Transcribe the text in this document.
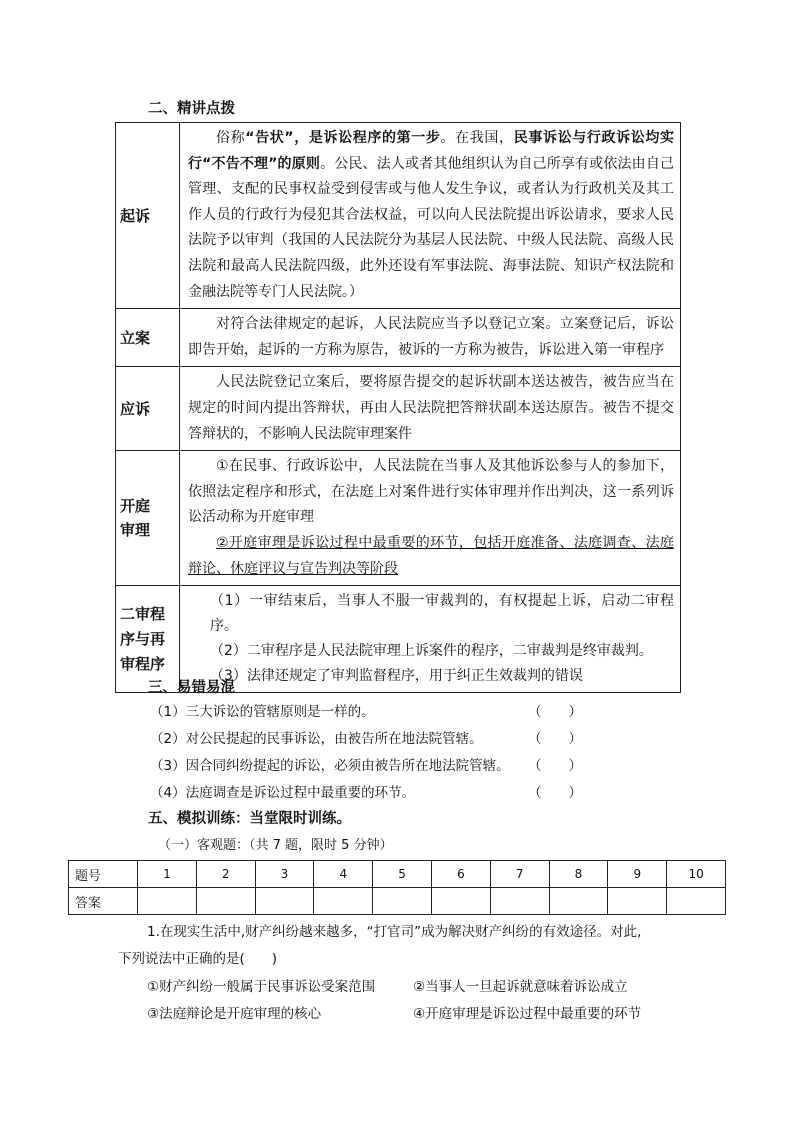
二、精讲点拨
起诉	俗称“告状”，是诉讼程序的第一步。在我国，民事诉讼与行政诉讼均实行“不告不理”的原则。公民、法人或者其他组织认为自己所享有或依法由自己管理、支配的民事权益受到侵害或与他人发生争议，或者认为行政机关及其工作人员的行政行为侵犯其合法权益，可以向人民法院提出诉讼请求，要求人民法院予以审判（我国的人民法院分为基层人民法院、中级人民法院、高级人民法院和最高人民法院四级，此外还设有军事法院、海事法院、知识产权法院和金融法院等专门人民法院。）

立案	对符合法律规定的起诉，人民法院应当予以登记立案。立案登记后，诉讼即告开始，起诉的一方称为原告，被诉的一方称为被告，诉讼进入第一审程序

应诉	人民法院登记立案后，要将原告提交的起诉状副本送达被告，被告应当在规定的时间内提出答辩状，再由人民法院把答辩状副本送达原告。被告不提交答辩状的，不影响人民法院审理案件

开庭
审理	①在民事、行政诉讼中，人民法院在当事人及其他诉讼参与人的参加下，依照法定程序和形式，在法庭上对案件进行实体审理并作出判决，这一系列诉讼活动称为开庭审理
②开庭审理是诉讼过程中最重要的环节，包括开庭准备、法庭调查、法庭辩论、休庭评议与宣告判决等阶段

二审程
序与再
审程序	（1）一审结束后，当事人不服一审裁判的，有权提起上诉，启动二审程序。
（2）二审程序是人民法院审理上诉案件的程序，二审裁判是终审裁判。
（3）法律还规定了审判监督程序，用于纠正生效裁判的错误
三、易错易混
（1）三大诉讼的管辖原则是一样的。	（　　）
（2）对公民提起的民事诉讼，由被告所在地法院管辖。	（　　）
（3）因合同纠纷提起的诉讼，必须由被告所在地法院管辖。 （　　）
（4）法庭调查是诉讼过程中最重要的环节。	（　　）
五、模拟训练：当堂限时训练。
（一）客观题：（共 7 题，限时 5 分钟）
题号	1	2	3	4	5	6	7	8	9	10
答案										
1.在现实生活中,财产纠纷越来越多，“打官司”成为解决财产纠纷的有效途径。对此,
下列说法中正确的是(　　)
①财产纠纷一般属于民事诉讼受案范围	②当事人一旦起诉就意味着诉讼成立
③法庭辩论是开庭审理的核心	④开庭审理是诉讼过程中最重要的环节
